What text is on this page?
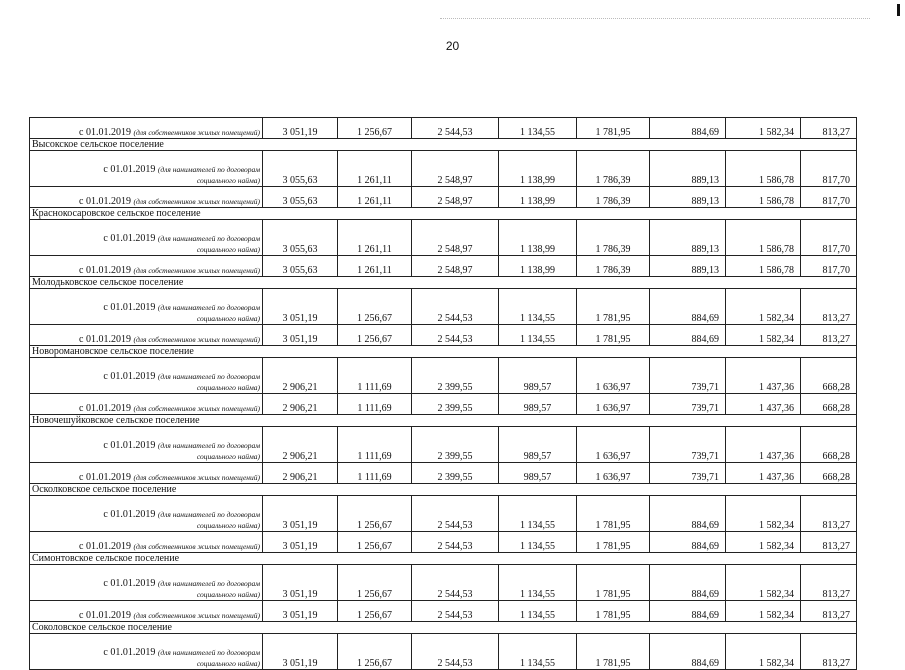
20
с 01.01.2019 (для собственников жилых помещений)	3 051,19	1 256,67	2 544,53	1 134,55	1 781,95	884,69	1 582,34	813,27
Высокское сельское поселение								

с 01.01.2019 (для нанимателей по договорам
социального найма)	3 055,63	1 261,11	2 548,97	1 138,99	1 786,39	889,13	1 586,78	817,70
с 01.01.2019 (для собственников жилых помещений)	3 055,63	1 261,11	2 548,97	1 138,99	1 786,39	889,13	1 586,78	817,70
Краснокосаровское сельское поселение								

с 01.01.2019 (для нанимателей по договорам
социального найма)	3 055,63	1 261,11	2 548,97	1 138,99	1 786,39	889,13	1 586,78	817,70
с 01.01.2019 (для собственников жилых помещений)	3 055,63	1 261,11	2 548,97	1 138,99	1 786,39	889,13	1 586,78	817,70
Молодьковское сельское поселение								

с 01.01.2019 (для нанимателей по договорам
социального найма)	3 051,19	1 256,67	2 544,53	1 134,55	1 781,95	884,69	1 582,34	813,27
с 01.01.2019 (для собственников жилых помещений)	3 051,19	1 256,67	2 544,53	1 134,55	1 781,95	884,69	1 582,34	813,27
Новоромановское сельское поселение								

с 01.01.2019 (для нанимателей по договорам
социального найма)	2 906,21	1 111,69	2 399,55	989,57	1 636,97	739,71	1 437,36	668,28
с 01.01.2019 (для собственников жилых помещений)	2 906,21	1 111,69	2 399,55	989,57	1 636,97	739,71	1 437,36	668,28
Новочешуйковское сельское поселение								

с 01.01.2019 (для нанимателей по договорам
социального найма)	2 906,21	1 111,69	2 399,55	989,57	1 636,97	739,71	1 437,36	668,28
с 01.01.2019 (для собственников жилых помещений)	2 906,21	1 111,69	2 399,55	989,57	1 636,97	739,71	1 437,36	668,28
Осколковское сельское поселение								

с 01.01.2019 (для нанимателей по договорам
социального найма)	3 051,19	1 256,67	2 544,53	1 134,55	1 781,95	884,69	1 582,34	813,27
с 01.01.2019 (для собственников жилых помещений)	3 051,19	1 256,67	2 544,53	1 134,55	1 781,95	884,69	1 582,34	813,27
Симонтовское сельское поселение								

с 01.01.2019 (для нанимателей по договорам
социального найма)	3 051,19	1 256,67	2 544,53	1 134,55	1 781,95	884,69	1 582,34	813,27
с 01.01.2019 (для собственников жилых помещений)	3 051,19	1 256,67	2 544,53	1 134,55	1 781,95	884,69	1 582,34	813,27
Соколовское сельское поселение								

с 01.01.2019 (для нанимателей по договорам
социального найма)	3 051,19	1 256,67	2 544,53	1 134,55	1 781,95	884,69	1 582,34	813,27
